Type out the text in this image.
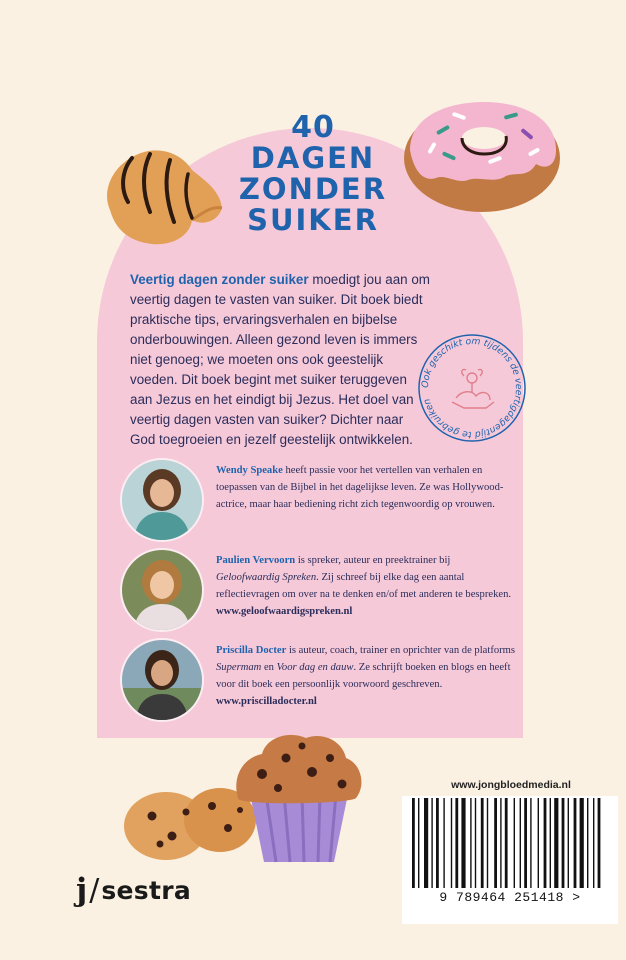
40
DAGEN
ZONDER
SUIKER
Veertig dagen zonder suiker moedigt jou aan om veertig dagen te vasten van suiker. Dit boek biedt praktische tips, ervaringsverhalen en bijbelse onderbouwingen. Alleen gezond leven is immers niet genoeg; we moeten ons ook geestelijk voeden. Dit boek begint met suiker teruggeven aan Jezus en het eindigt bij Jezus. Het doel van veertig dagen vasten van suiker? Dichter naar God toegroeien en jezelf geestelijk ontwikkelen.
Ook geschikt om tijdens de veertigdagentijd te gebruiken
Wendy Speake heeft passie voor het vertellen van verhalen en toepassen van de Bijbel in het dagelijkse leven. Ze was Hollywood-actrice, maar haar bediening richt zich tegenwoordig op vrouwen.
Paulien Vervoorn is spreker, auteur en preektrainer bij Geloofwaardig Spreken. Zij schreef bij elke dag een aantal reflectievragen om over na te denken en/of met anderen te bespreken. www.geloofwaardigspreken.nl
Priscilla Docter is auteur, coach, trainer en oprichter van de platforms Supermam en Voor dag en dauw. Ze schrijft boeken en blogs en heeft voor dit boek een persoonlijk voorwoord geschreven. www.priscilladocter.nl
j / sestra
www.jongbloedmedia.nl
9 789464 251418 >
